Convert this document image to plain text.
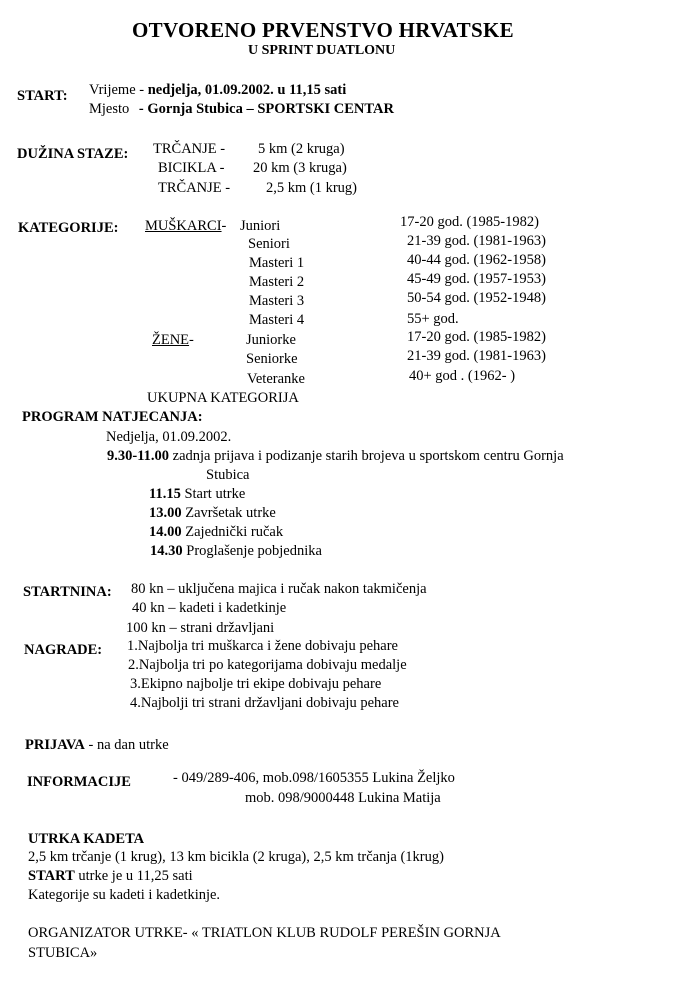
OTVORENO PRVENSTVO HRVATSKE
U SPRINT DUATLONU
START: Vrijeme - nedjelja, 01.09.2002. u 11,15 sati
Mjesto - Gornja Stubica – SPORTSKI CENTAR
DUŽINA STAZE: TRČANJE - 5 km (2 kruga)
BICIKLA - 20 km (3 kruga)
TRČANJE - 2,5 km (1 krug)
KATEGORIJE: MUŠKARCI- Juniori	17-20 god. (1985-1982)
Seniori	21-39 god. (1981-1963)
Masteri 1	40-44 god. (1962-1958)
Masteri 2	45-49 god. (1957-1953)
Masteri 3	50-54 god. (1952-1948)
Masteri 4	55+ god.
ŽENE-	Juniorke	17-20 god. (1985-1982)
Seniorke	21-39 god. (1981-1963)
Veteranke	40+ god . (1962- )
UKUPNA KATEGORIJA
PROGRAM NATJECANJA:
Nedjelja, 01.09.2002.
9.30-11.00 zadnja prijava i podizanje starih brojeva u sportskom centru Gornja
Stubica
11.15 Start utrke
13.00 Završetak utrke
14.00 Zajednički ručak
14.30 Proglašenje pobjednika
STARTNINA: 80 kn – uključena majica i ručak nakon takmičenja
40 kn – kadeti i kadetkinje
100 kn – strani državljani
NAGRADE: 1.Najbolja tri muškarca i žene dobivaju pehare
2.Najbolja tri po kategorijama dobivaju medalje
3.Ekipno najbolje tri ekipe dobivaju pehare
4.Najbolji tri strani državljani dobivaju pehare
PRIJAVA - na dan utrke
INFORMACIJE	- 049/289-406, mob.098/1605355 Lukina Željko
mob. 098/9000448 Lukina Matija
UTRKA KADETA
2,5 km trčanje (1 krug), 13 km bicikla (2 kruga), 2,5 km trčanja (1krug)
START utrke je u 11,25 sati
Kategorije su kadeti i kadetkinje.
ORGANIZATOR UTRKE- « TRIATLON KLUB RUDOLF PEREŠIN GORNJA
STUBICA»
